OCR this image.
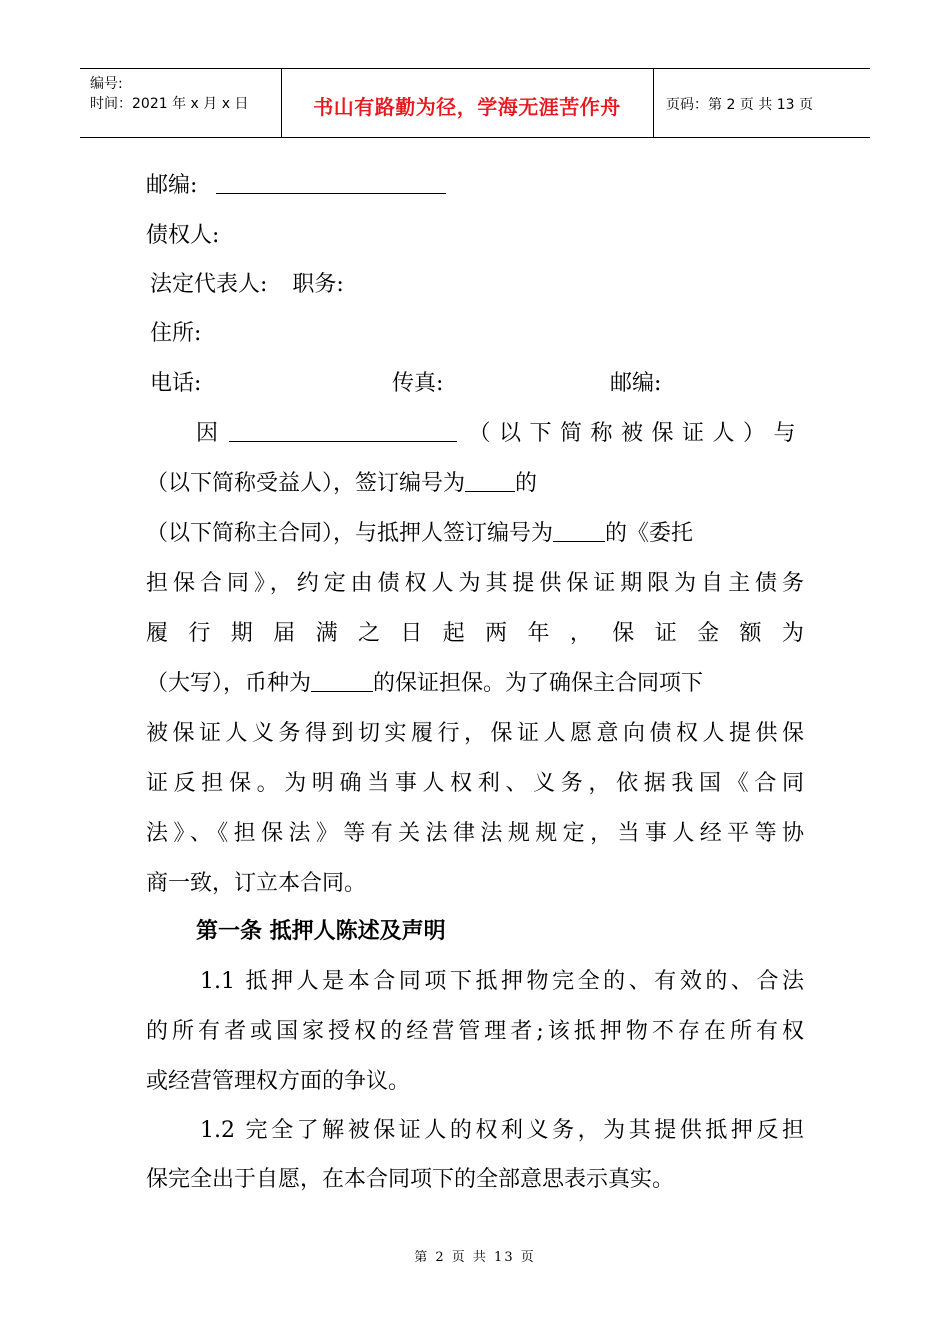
编号:
时间：2021 年 x 月 x 日	书山有路勤为径，学海无涯苦作舟	页码：第 2 页 共 13 页
邮编:
债权人:
法定代表人: 职务:
住所:
电话:	传真:	邮编:
因	（以下简称被保证人）与
（以下简称受益人），签订编号为 的
（以下简称主合同），与抵押人签订编号为 的《委托
担保合同》，约定由债权人为其提供保证期限为自主债务
履 行 期 届 满 之 日 起 两 年 ， 保 证 金 额 为
（大写），币种为	的保证担保。为了确保主合同项下
被保证人义务得到切实履行，保证人愿意向债权人提供保
证反担保。为明确当事人权利、义务，依据我国《合同
法》、《担保法》等有关法律法规规定，当事人经平等协
商一致，订立本合同。
第一条 抵押人陈述及声明
1.1 抵押人是本合同项下抵押物完全的、有效的、合法
的所有者或国家授权的经营管理者;该抵押物不存在所有权
或经营管理权方面的争议。
1.2 完全了解被保证人的权利义务，为其提供抵押反担
保完全出于自愿，在本合同项下的全部意思表示真实。
第 2 页 共 13 页
